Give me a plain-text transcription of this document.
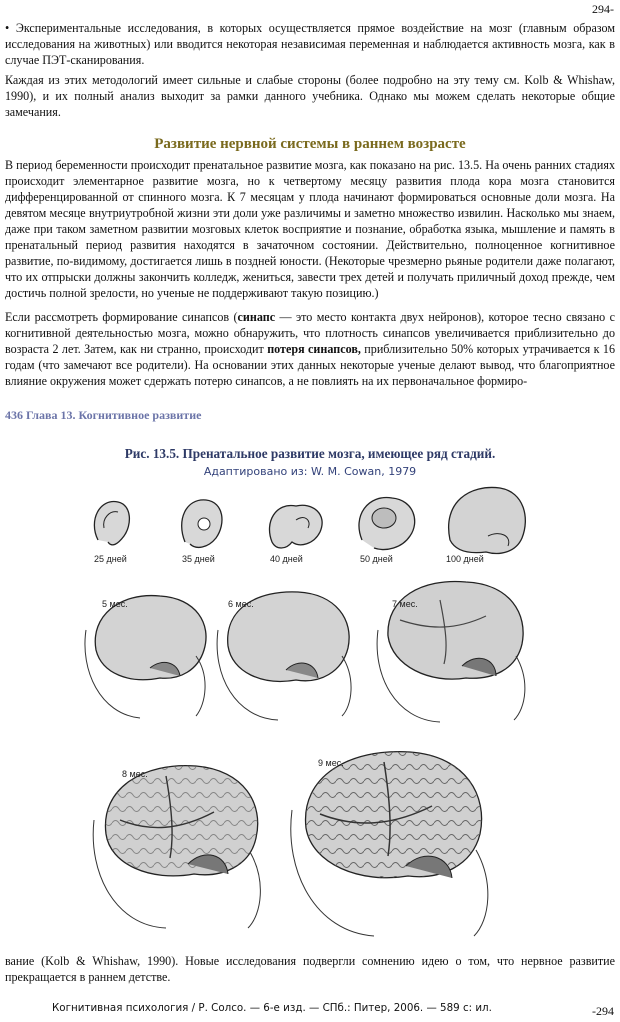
294-
• Экспериментальные исследования, в которых осуществляется прямое воздействие на мозг (главным образом исследования на животных) или вводится некоторая независимая переменная и наблюдается активность мозга, как в случае ПЭТ-сканирования.
Каждая из этих методологий имеет сильные и слабые стороны (более подробно на эту тему см. Kolb & Whishaw, 1990), и их полный анализ выходит за рамки данного учебника. Однако мы можем сделать некоторые общие замечания.
Развитие нервной системы в раннем возрасте
В период беременности происходит пренатальное развитие мозга, как показано на рис. 13.5. На очень ранних стадиях происходит элементарное развитие мозга, но к четвертому месяцу развития плода кора мозга становится дифференцированной от спинного мозга. К 7 месяцам у плода начинают формироваться основные доли мозга. На девятом месяце внутриутробной жизни эти доли уже различимы и заметно множество извилин. Насколько мы знаем, даже при таком заметном развитии мозговых клеток восприятие и познание, обработка языка, мышление и память в пренатальный период развития находятся в зачаточном состоянии. Действительно, полноценное когнитивное развитие, по-видимому, достигается лишь в поздней юности. (Некоторые чрезмерно рьяные родители даже полагают, что их отпрыски должны закончить колледж, жениться, завести трех детей и получать приличный доход прежде, чем достичь полной зрелости, но ученые не поддерживают такую позицию.)
Если рассмотреть формирование синапсов (синапс — это место контакта двух нейронов), которое тесно связано с когнитивной деятельностью мозга, можно обнаружить, что плотность синапсов увеличивается приблизительно до возраста 2 лет. Затем, как ни странно, происходит потеря синапсов, приблизительно 50% которых утрачивается к 16 годам (что замечают все родители). На основании этих данных некоторые ученые делают вывод, что благоприятное влияние окружения может сдержать потерю синапсов, а не повлиять на их первоначальное формиро-
436 Глава 13. Когнитивное развитие
Рис. 13.5. Пренатальное развитие мозга, имеющее ряд стадий.
Адаптировано из: W. M. Cowan, 1979
25 дней	35 дней	40 дней	50 дней	100 дней
5 мес.	6 мес.	7 мес.
8 мес.
9 мес.
вание (Kolb & Whishaw, 1990). Новые исследования подвергли сомнению идею о том, что нервное развитие прекращается в раннем детстве.
Когнитивная психология / Р. Солсо. — 6-е изд. — СПб.: Питер, 2006. — 589 с: ил.	-294
